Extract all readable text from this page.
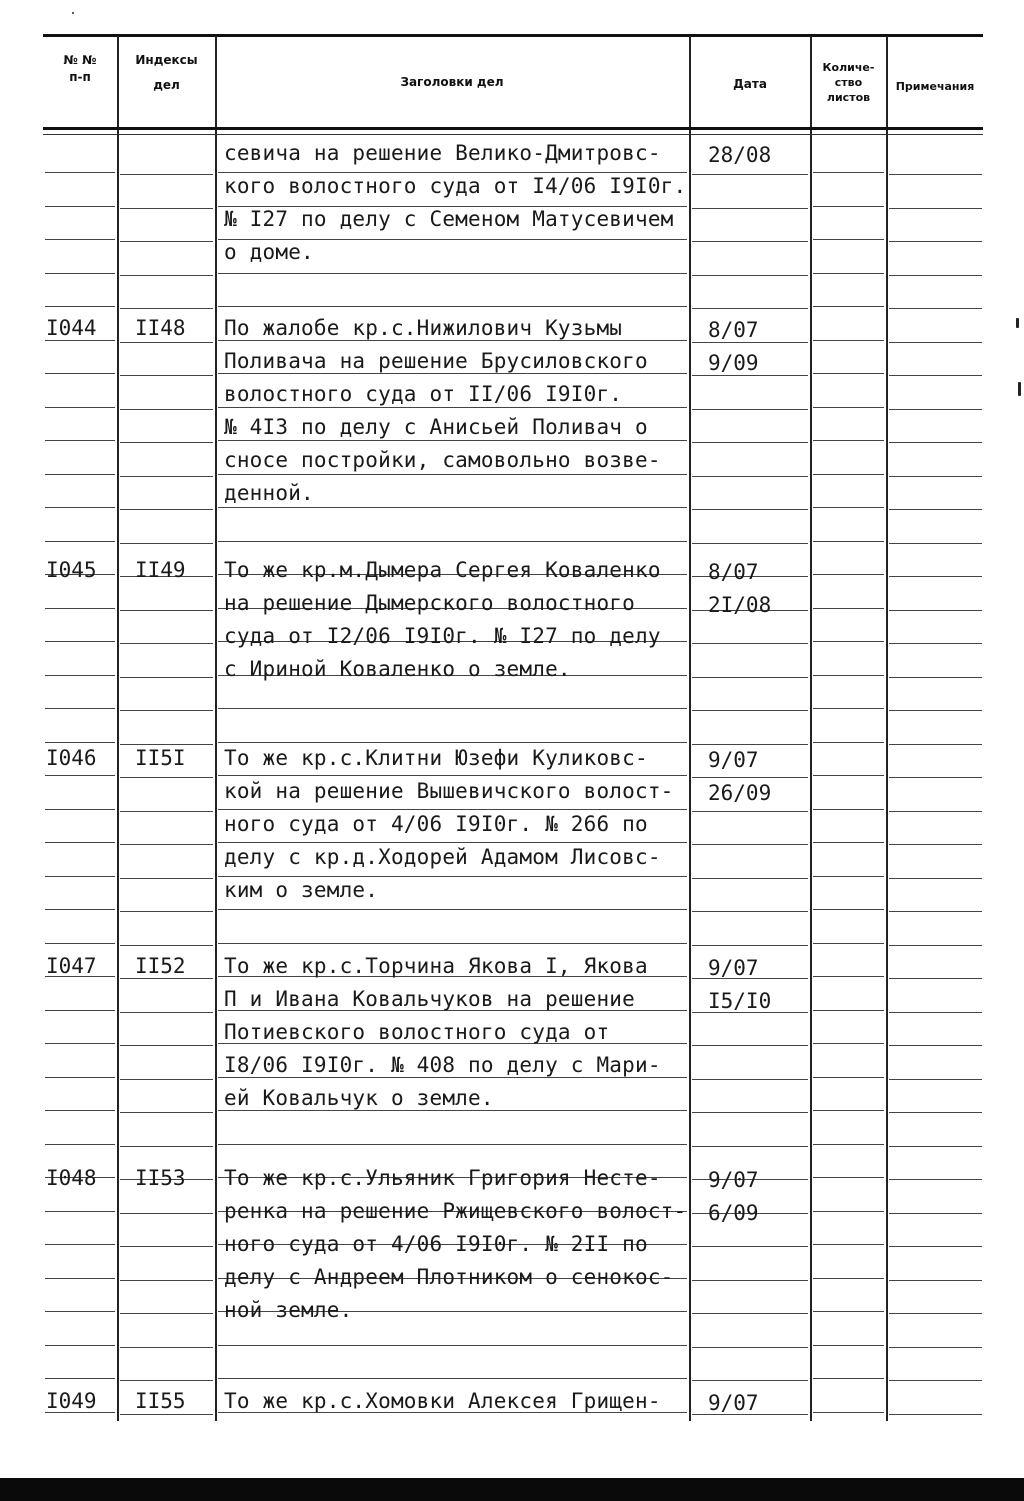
№ №
п-п
Индексы
дел	Заголовки дел	Дата
Количе-
ство
листов
Примечания
севича на решение Велико-Дмитровс-
кого волостного суда от I4/06 I9I0г.
№ I27 по делу с Семеном Матусевичем
о доме.
28/08
I044 II48 По жалобе кр.с.Нижилович Кузьмы
Поливача на решение Брусиловского
волостного суда от II/06 I9I0г.
№ 4I3 по делу с Анисьей Поливач о
сносе постройки, самовольно возве-
денной.
8/07
9/09
I045 II49 То же кр.м.Дымера Сергея Коваленко
на решение Дымерского волостного
суда от I2/06 I9I0г. № I27 по делу
с Ириной Коваленко о земле.
8/07
2I/08
I046 II5I То же кр.с.Клитни Юзефи Куликовс-
кой на решение Вышевичского волост-
ного суда от 4/06 I9I0г. № 266 по
делу с кр.д.Ходорей Адамом Лисовс-
ким о земле.
9/07
26/09
I047 II52 То же кр.с.Торчина Якова I, Якова
П и Ивана Ковальчуков на решение
Потиевского волостного суда от
I8/06 I9I0г. № 408 по делу с Мари-
ей Ковальчук о земле.
9/07
I5/I0
I048 II53 То же кр.с.Ульяник Григория Несте-
ренка на решение Ржищевского волост-
ного суда от 4/06 I9I0г. № 2II по
делу с Андреем Плотником о сенокос-
ной земле.
9/07
6/09
I049 II55 То же кр.с.Хомовки Алексея Грищен- 9/07
